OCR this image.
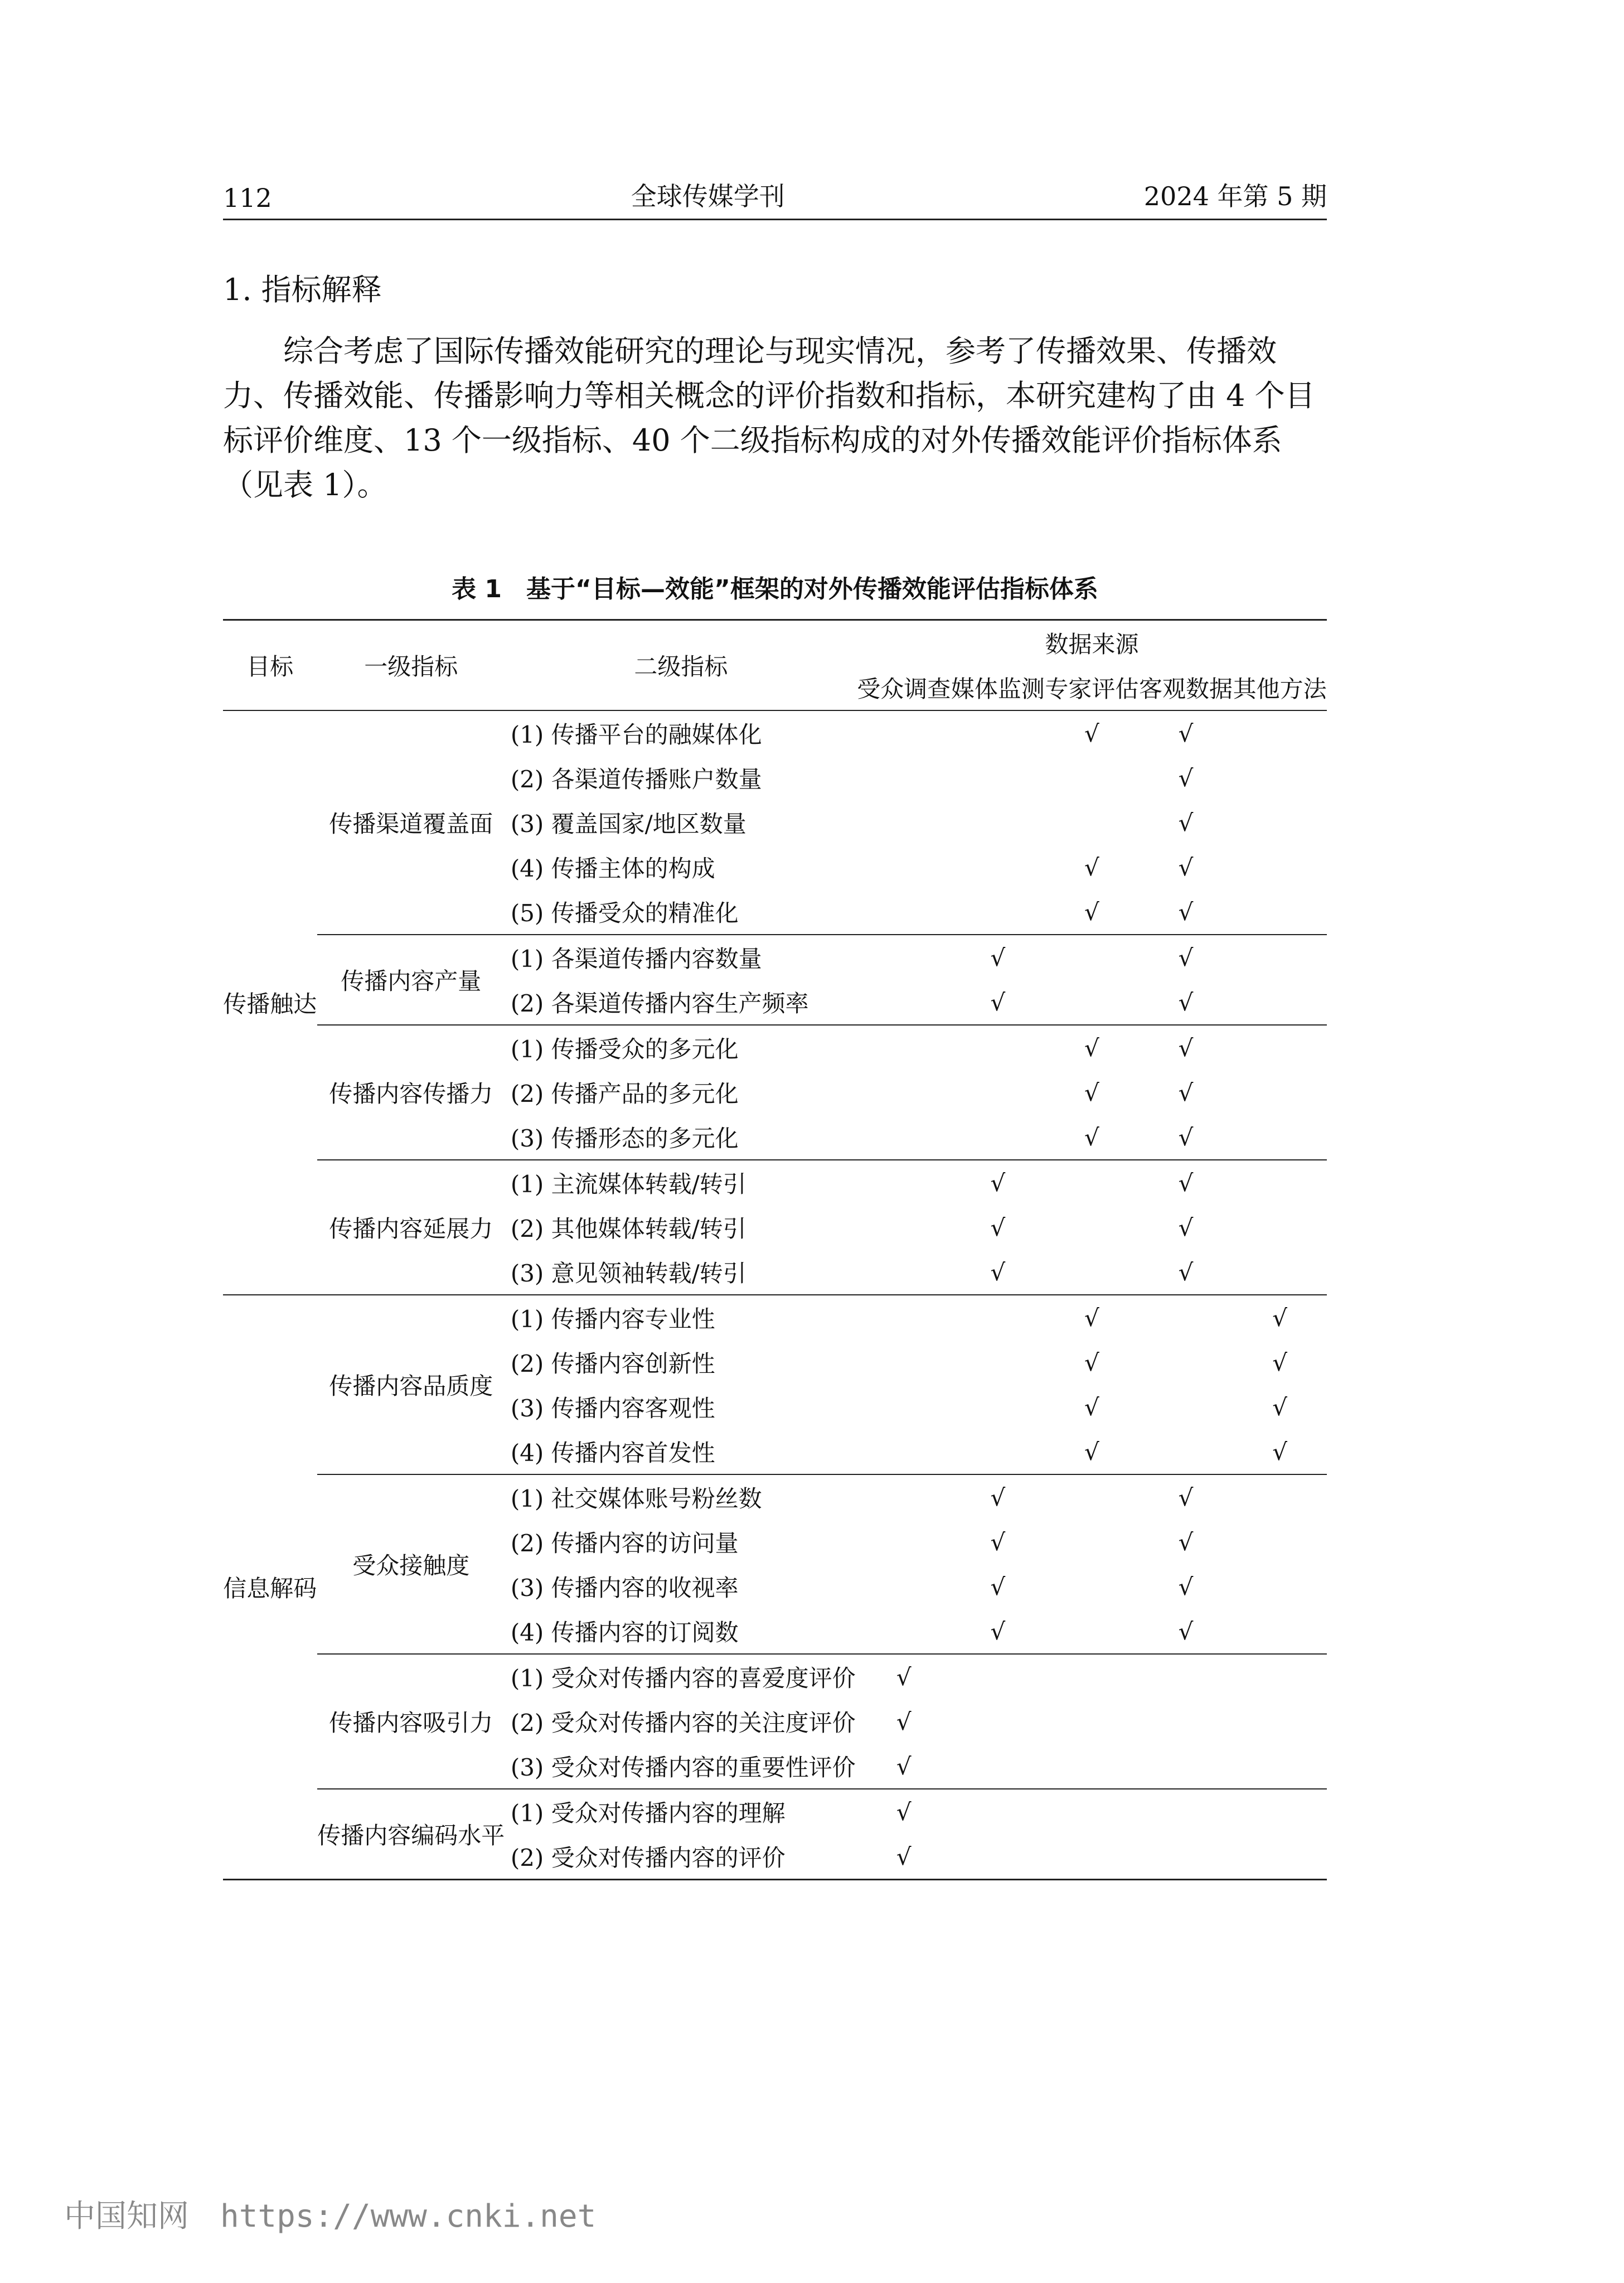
112	全球传媒学刊	2024 年第 5 期
1. 指标解释
综合考虑了国际传播效能研究的理论与现实情况，参考了传播效果、传播效力、传播效能、传播影响力等相关概念的评价指数和指标，本研究建构了由 4 个目标评价维度、13 个一级指标、40 个二级指标构成的对外传播效能评价指标体系（见表 1）。
表 1　基于“目标—效能”框架的对外传播效能评估指标体系
目标	一级指标	二级指标	数据来源				
			受众调查	媒体监测	专家评估	客观数据	其他方法
传播触达	传播渠道覆盖面	(1) 传播平台的融媒体化			√	√	
		(2) 各渠道传播账户数量				√	
		(3) 覆盖国家/地区数量				√	
		(4) 传播主体的构成			√	√	
		(5) 传播受众的精准化			√	√	
	传播内容产量	(1) 各渠道传播内容数量		√		√	
		(2) 各渠道传播内容生产频率		√		√	
	传播内容传播力	(1) 传播受众的多元化			√	√	
		(2) 传播产品的多元化			√	√	
		(3) 传播形态的多元化			√	√	
	传播内容延展力	(1) 主流媒体转载/转引		√		√	
		(2) 其他媒体转载/转引		√		√	
		(3) 意见领袖转载/转引		√		√	
信息解码	传播内容品质度	(1) 传播内容专业性			√		√
		(2) 传播内容创新性			√		√
		(3) 传播内容客观性			√		√
		(4) 传播内容首发性			√		√
	受众接触度	(1) 社交媒体账号粉丝数		√		√	
		(2) 传播内容的访问量		√		√	
		(3) 传播内容的收视率		√		√	
		(4) 传播内容的订阅数		√		√	
	传播内容吸引力	(1) 受众对传播内容的喜爱度评价	√				
		(2) 受众对传播内容的关注度评价	√				
		(3) 受众对传播内容的重要性评价	√				
	传播内容编码水平	(1) 受众对传播内容的理解	√				
		(2) 受众对传播内容的评价	√				
中国知网　https://www.cnki.net
